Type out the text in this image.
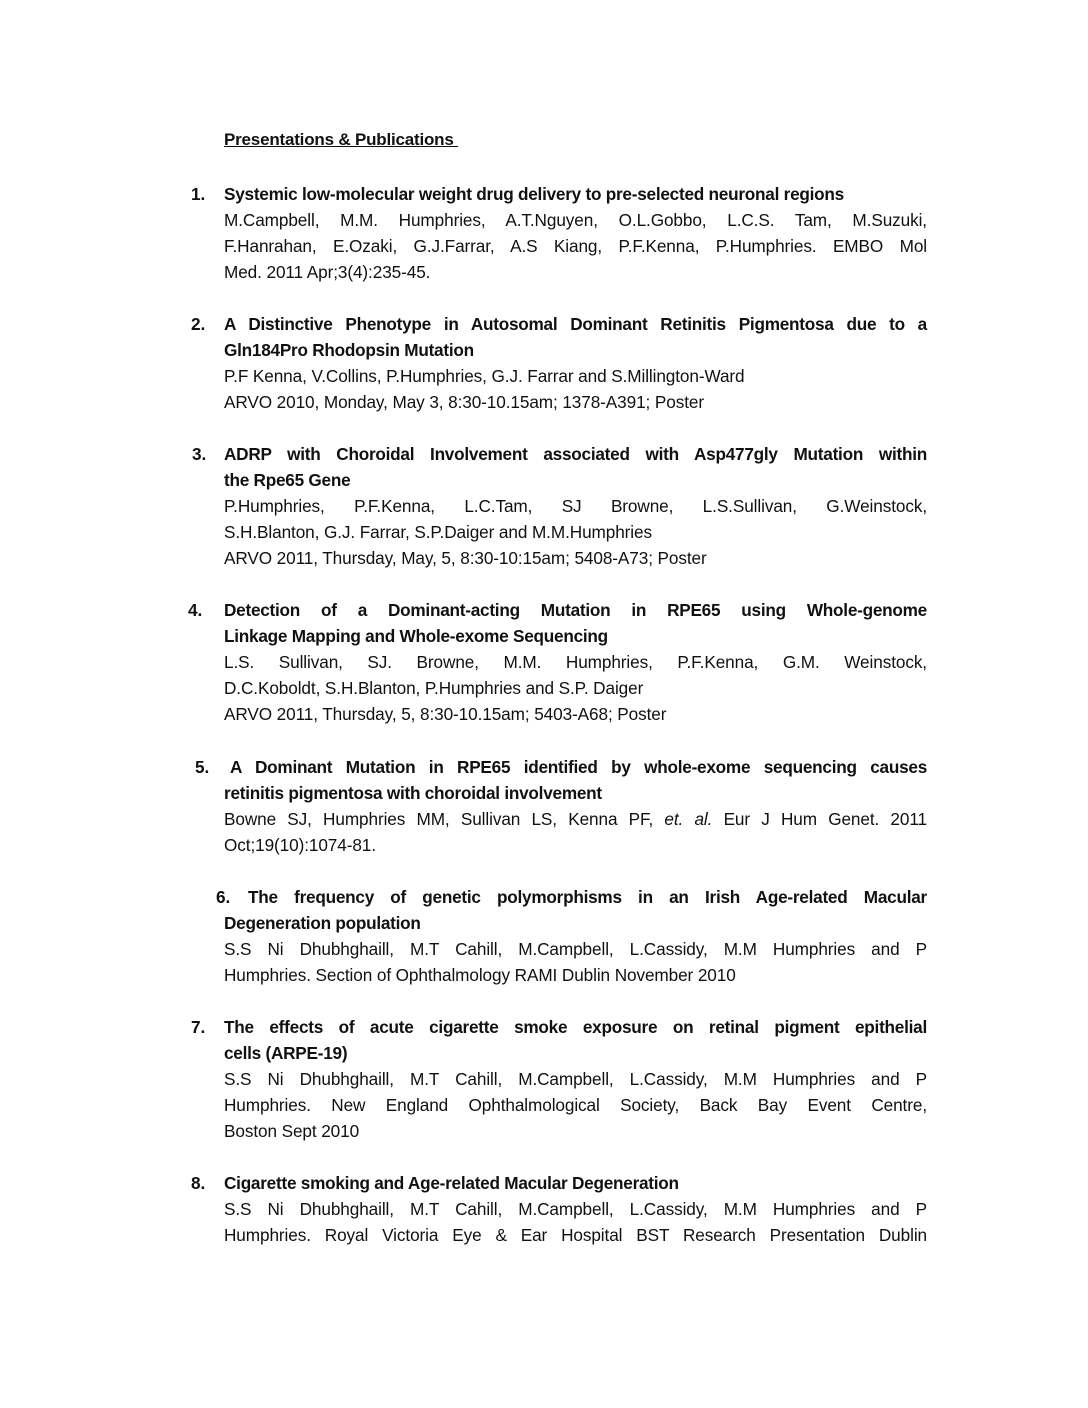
Presentations & Publications
1. Systemic low-molecular weight drug delivery to pre-selected neuronal regions
M.Campbell, M.M. Humphries, A.T.Nguyen, O.L.Gobbo, L.C.S. Tam, M.Suzuki,
F.Hanrahan, E.Ozaki, G.J.Farrar, A.S Kiang, P.F.Kenna, P.Humphries. EMBO Mol
Med. 2011 Apr;3(4):235-45.
2. A Distinctive Phenotype in Autosomal Dominant Retinitis Pigmentosa due to a
Gln184Pro Rhodopsin Mutation
P.F Kenna, V.Collins, P.Humphries, G.J. Farrar and S.Millington-Ward
ARVO 2010, Monday, May 3, 8:30-10.15am; 1378-A391; Poster
3. ADRP with Choroidal Involvement associated with Asp477gly Mutation within
the Rpe65 Gene
P.Humphries, P.F.Kenna, L.C.Tam, SJ Browne, L.S.Sullivan, G.Weinstock,
S.H.Blanton, G.J. Farrar, S.P.Daiger and M.M.Humphries
ARVO 2011, Thursday, May, 5, 8:30-10:15am; 5408-A73; Poster
4. Detection of a Dominant-acting Mutation in RPE65 using Whole-genome
Linkage Mapping and Whole-exome Sequencing
L.S. Sullivan, SJ. Browne, M.M. Humphries, P.F.Kenna, G.M. Weinstock,
D.C.Koboldt, S.H.Blanton, P.Humphries and S.P. Daiger
ARVO 2011, Thursday, 5, 8:30-10.15am; 5403-A68; Poster
5.	A Dominant Mutation in RPE65 identified by whole-exome sequencing causes
retinitis pigmentosa with choroidal involvement
Bowne SJ, Humphries MM, Sullivan LS, Kenna PF, et. al. Eur J Hum Genet. 2011
Oct;19(10):1074-81.
6.	The frequency of genetic polymorphisms in an Irish Age-related Macular
Degeneration population
S.S Ni Dhubhghaill, M.T Cahill, M.Campbell, L.Cassidy, M.M Humphries and P
Humphries. Section of Ophthalmology RAMI Dublin November 2010
7. The effects of acute cigarette smoke exposure on retinal pigment epithelial
cells (ARPE-19)
S.S Ni Dhubhghaill, M.T Cahill, M.Campbell, L.Cassidy, M.M Humphries and P
Humphries. New England Ophthalmological Society, Back Bay Event Centre,
Boston Sept 2010
8. Cigarette smoking and Age-related Macular Degeneration
S.S Ni Dhubhghaill, M.T Cahill, M.Campbell, L.Cassidy, M.M Humphries and P
Humphries. Royal Victoria Eye & Ear Hospital BST Research Presentation Dublin
